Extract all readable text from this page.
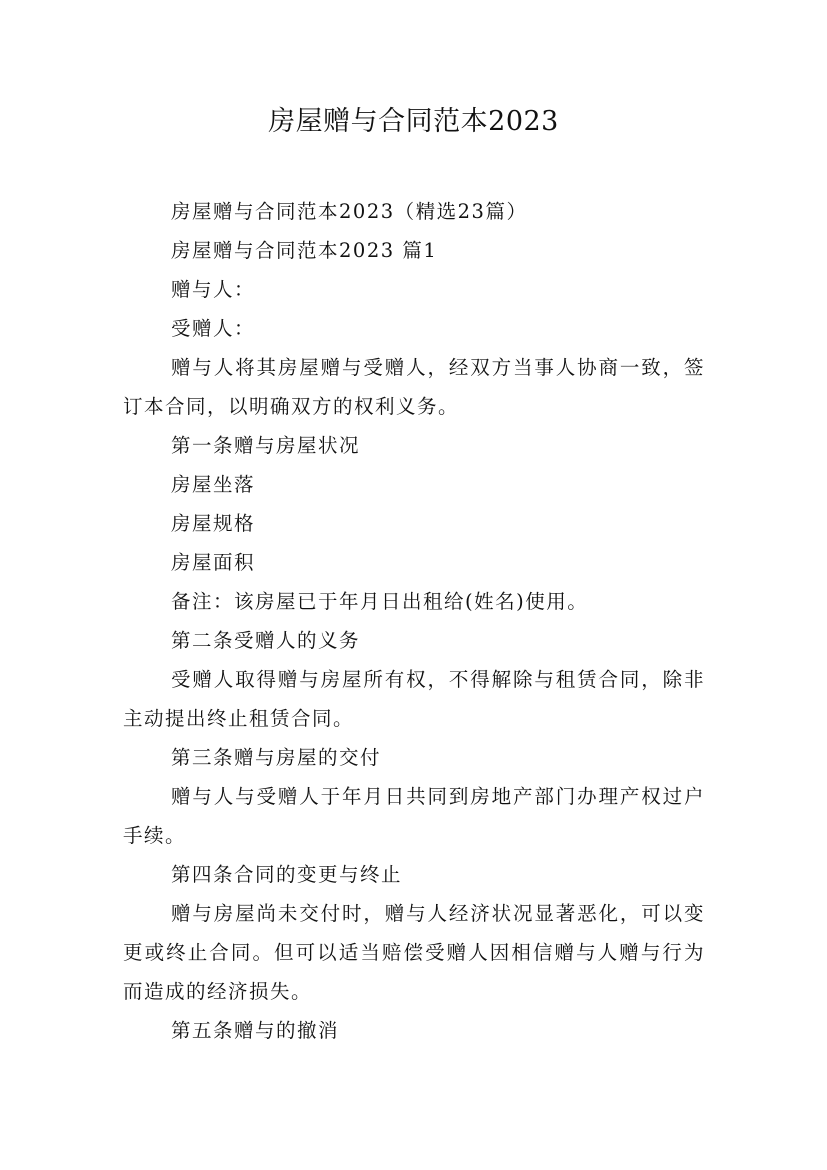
房屋赠与合同范本2023

房屋赠与合同范本2023（精选23篇）

房屋赠与合同范本2023 篇1

赠与人：

受赠人：

赠与人将其房屋赠与受赠人，经双方当事人协商一致，签订本合同，以明确双方的权利义务。

第一条赠与房屋状况

房屋坐落

房屋规格

房屋面积

备注：该房屋已于年月日出租给(姓名)使用。

第二条受赠人的义务

受赠人取得赠与房屋所有权，不得解除与租赁合同，除非主动提出终止租赁合同。

第三条赠与房屋的交付

赠与人与受赠人于年月日共同到房地产部门办理产权过户手续。

第四条合同的变更与终止

赠与房屋尚未交付时，赠与人经济状况显著恶化，可以变更或终止合同。但可以适当赔偿受赠人因相信赠与人赠与行为而造成的经济损失。

第五条赠与的撤消
